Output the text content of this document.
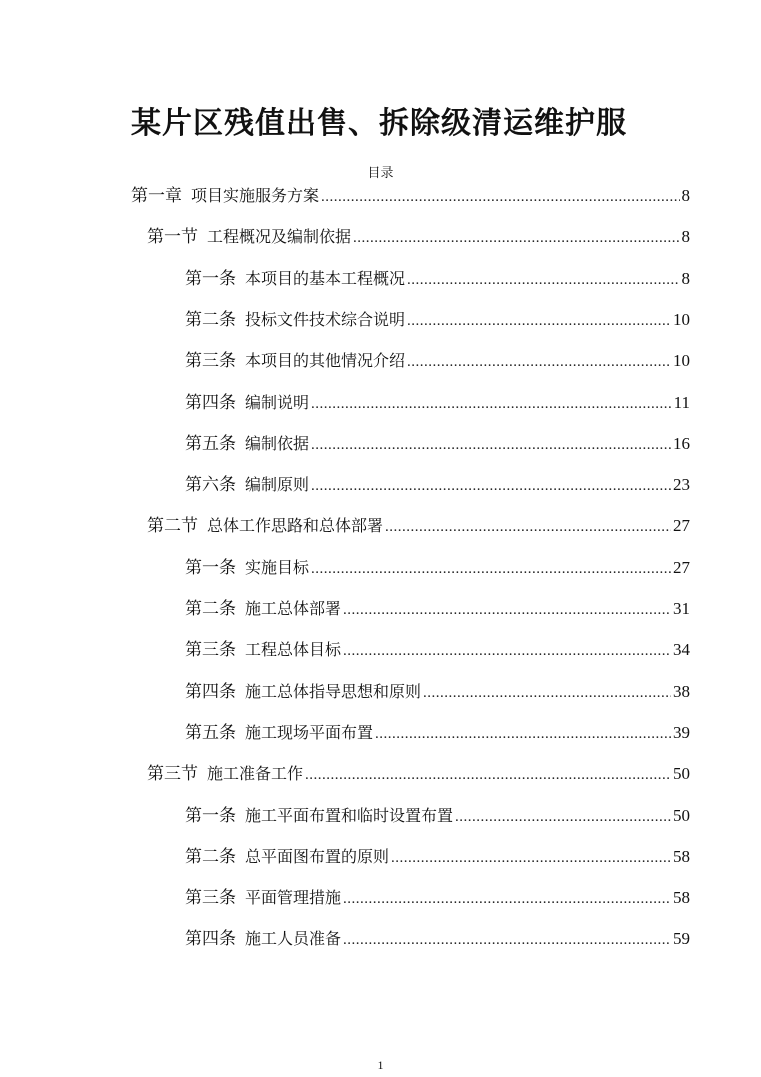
某片区残值出售、拆除级清运维护服
目录
第一章 项目实施服务方案 .....	8
第一节 工程概况及编制依据 .....	8
第一条 本项目的基本工程概况 .....	8
第二条 投标文件技术综合说明 .....	10
第三条 本项目的其他情况介绍 .....	10
第四条 编制说明 .....	11
第五条 编制依据 .....	16
第六条 编制原则 .....	23
第二节 总体工作思路和总体部署 .....	27
第一条 实施目标 .....	27
第二条 施工总体部署 .....	31
第三条 工程总体目标 .....	34
第四条 施工总体指导思想和原则 .....	38
第五条 施工现场平面布置 .....	39
第三节 施工准备工作 .....	50
第一条 施工平面布置和临时设置布置 .....	50
第二条 总平面图布置的原则 .....	58
第三条 平面管理措施 .....	58
第四条 施工人员准备 .....	59
1
